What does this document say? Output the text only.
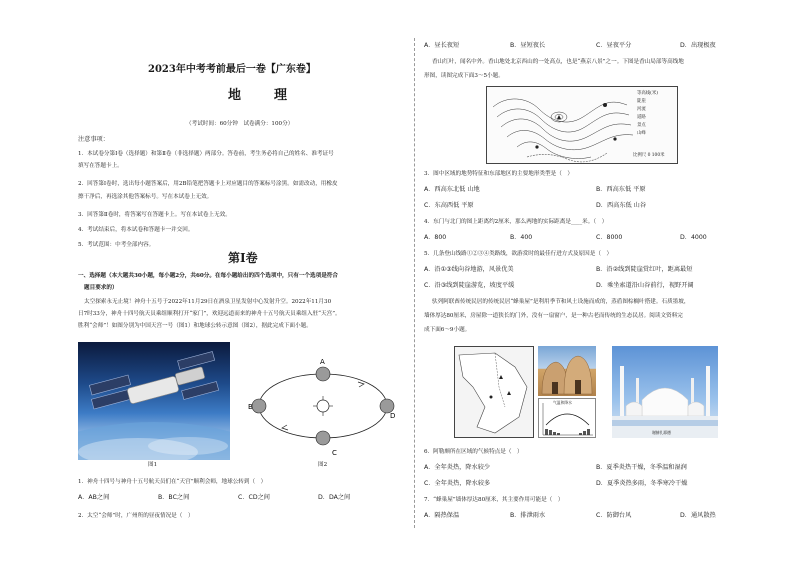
2023年中考考前最后一卷【广东卷】
地　理
（考试时间：60分钟　试卷满分：100分）
注意事项：
1．本试卷分第Ⅰ卷（选择题）和第Ⅱ卷（非选择题）两部分。答卷前，考生务必将自己的姓名、准考证号
填写在答题卡上。
2．回答第Ⅰ卷时，选出每小题答案后，用2B铅笔把答题卡上对应题目的答案标号涂黑。如需改动，用橡皮
擦干净后，再选涂其他答案标号。写在本试卷上无效。
3．回答第Ⅱ卷时，将答案写在答题卡上。写在本试卷上无效。
4．考试结束后，将本试卷和答题卡一并交回。
5．考试范围：中考全部内容。
第Ⅰ卷
一、选择题（本大题共30小题，每小题2分，共60分。在每小题给出的四个选项中，只有一个选项是符合
题目要求的）
太空探索永无止境！神舟十五号于2022年11月29日在酒泉卫星发射中心发射升空。2022年11月30
日7时33分，神舟十四号航天员乘组顺利打开“家门”，欢迎远道而来的神舟十五号航天员乘组入驻“天宫”。
胜利“会师”！如图分别为中国天宫一号（图1）和地球公转示意图（图2），据此完成下面小题。
图1
A
B
C
D
图2
1．神舟十四号与神舟十五号航天员们在“天宫”顺利会师，地球公转到（　）
A．AB之间	B．BC之间	C．CD之间	D．DA之间
2．太空“会师”时，广州所的昼夜情况是（　）
A．昼长夜短	B．昼短夜长	C．昼夜平分	D．出现极夜
香山红叶，闻名中外。香山地处北京西山的一处高点，也是“燕京八景”之一。下图是香山局部等高线地
形图，读图完成下面3～5小题。
等高线(米)
陡崖
河流
道路
景点
山峰
比例尺 0 100米
3．图中区域的地势特征和东部地区的主要地形类型是（　）
A．西高东北低 山地	B．西高东低 平原
C．东高西低 平原	D．西高东低 山谷
4．东门与北门的图上距离约2厘米，那么两地的实际距离是____米。（　）
A．800	B．400	C．8000	D．4000
5．几条登山线路①②③④类路线，欲游赏时的最佳行进方式及原因是（　）
A．沿①③线向谷地游，风景优美	B．沿②线到陡崖赏红叶，距离最短
C．沿③线到陡崖游览，坡度平缓	D．乘坐索道沿山谷前行，视野开阔
驮列阿联酋传统民居的传统民居“蜂巢屋”是利用季节和风土设施而成的，蒸盾图棕榈叶搭建。石质墨坡，
墙体厚达80厘米，房屋除一道狭长的门外，没有一扇窗户，是一种古老而传统的生态民居。阅读文资料完
成下面6～9小题。
气温和降水
谢赫扎耶德
6．阿勒颇所在区域的气候特点是（　）
A．全年炎热，降水较少	B．夏季炎热干燥，冬季温和湿润
C．全年炎热，降水较多	D．夏季炎热多雨，冬季寒冷干燥
7．“蜂巢屋”墙体厚达80厘米，其主要作用可能是（　）
A．隔热保温	B．排泄雨水	C．防御台风	D．通风散热
